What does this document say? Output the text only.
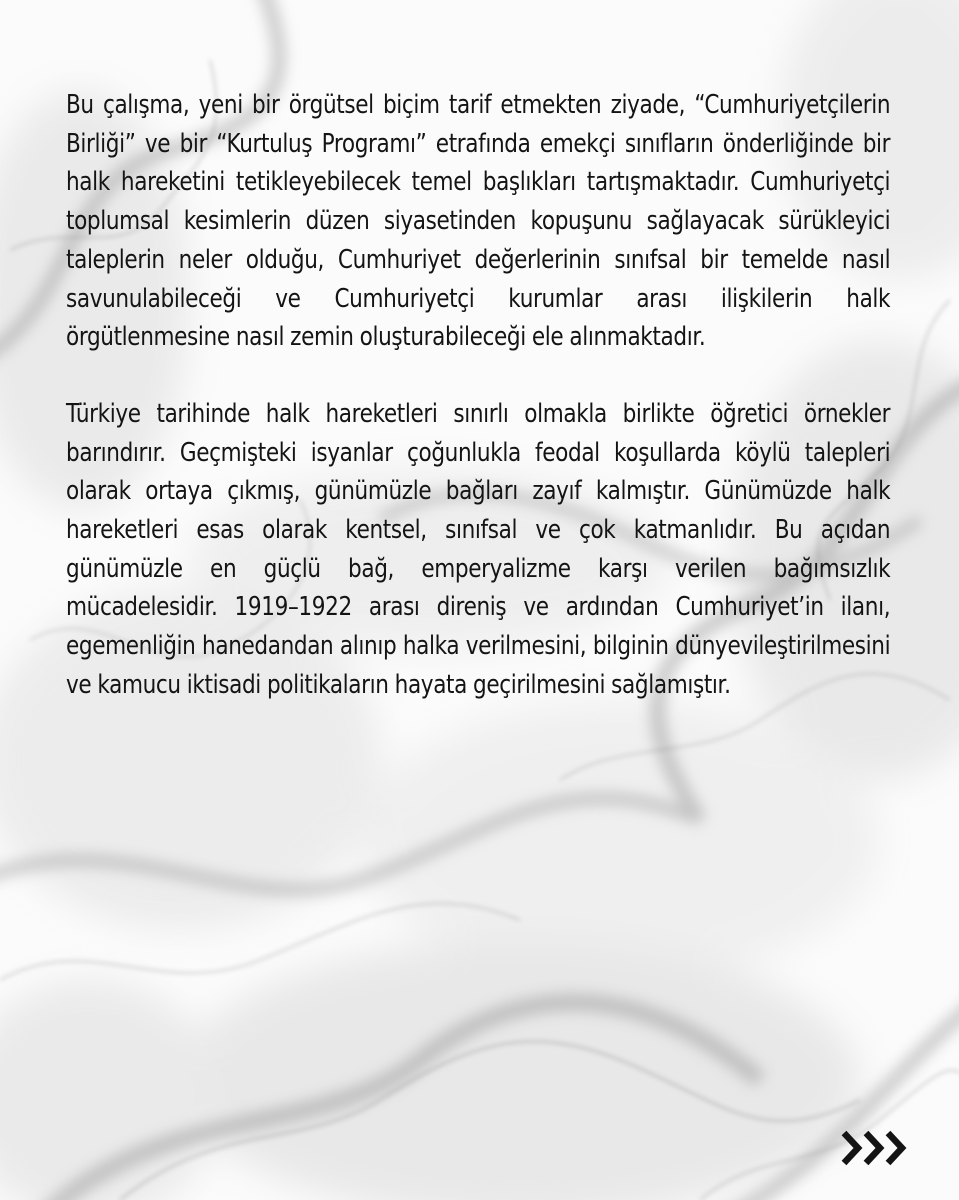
Bu çalışma, yeni bir örgütsel biçim tarif etmekten ziyade, “Cumhuriyetçilerin Birliği” ve bir “Kurtuluş Programı” etrafında emekçi sınıfların önderliğinde bir halk hareketini tetikleyebilecek temel başlıkları tartışmaktadır. Cumhuriyetçi toplumsal kesimlerin düzen siyasetinden kopuşunu sağlayacak sürükleyici taleplerin neler olduğu, Cumhuriyet değerlerinin sınıfsal bir temelde nasıl savunulabileceği ve Cumhuriyetçi kurumlar arası ilişkilerin halk örgütlenmesine nasıl zemin oluşturabileceği ele alınmaktadır.

Türkiye tarihinde halk hareketleri sınırlı olmakla birlikte öğretici örnekler barındırır. Geçmişteki isyanlar çoğunlukla feodal koşullarda köylü talepleri olarak ortaya çıkmış, günümüzle bağları zayıf kalmıştır. Günümüzde halk hareketleri esas olarak kentsel, sınıfsal ve çok katmanlıdır. Bu açıdan günümüzle en güçlü bağ, emperyalizme karşı verilen bağımsızlık mücadelesidir. 1919–1922 arası direniş ve ardından Cumhuriyet’in ilanı, egemenliğin hanedandan alınıp halka verilmesini, bilginin dünyevileştirilmesini ve kamucu iktisadi politikaların hayata geçirilmesini sağlamıştır.
